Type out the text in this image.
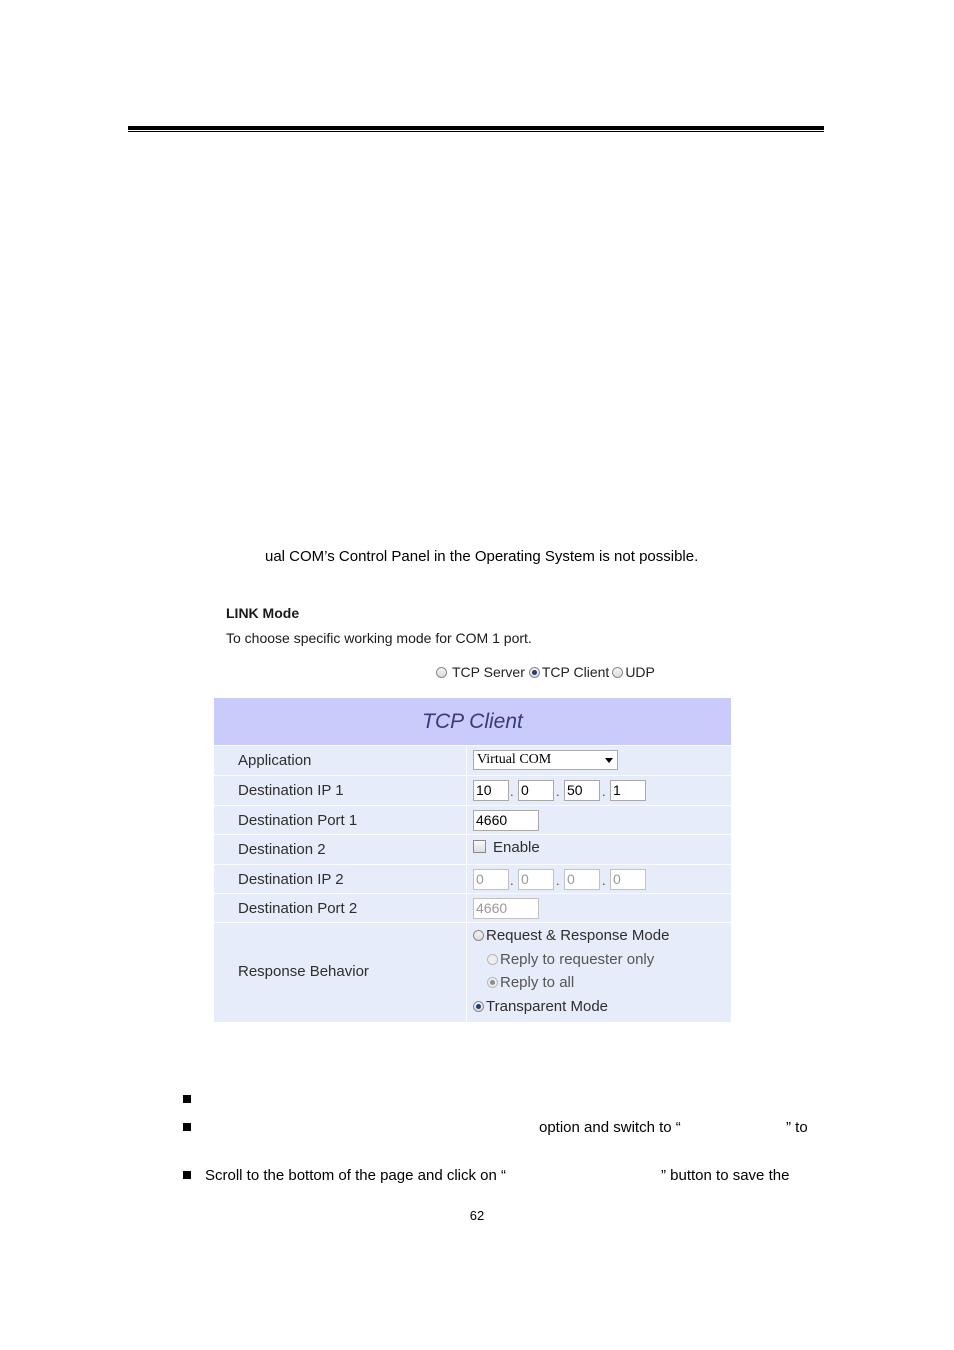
ual COM’s Control Panel in the Operating System is not possible.
LINK Mode
To choose specific working mode for COM 1 port.
TCP Server TCP Client UDP
TCP Client
Application	Virtual COM
Destination IP 1	10	. 0	. 50	. 1
Destination Port 1	4660
Destination 2	Enable
Destination IP 2	0	. 0	. 0	. 0
Destination Port 2	4660
Response Behavior
Request & Response Mode
Reply to requester only
Reply to all
Transparent Mode
option and switch to “	” to
Scroll to the bottom of the page and click on “	” button to save the
62
